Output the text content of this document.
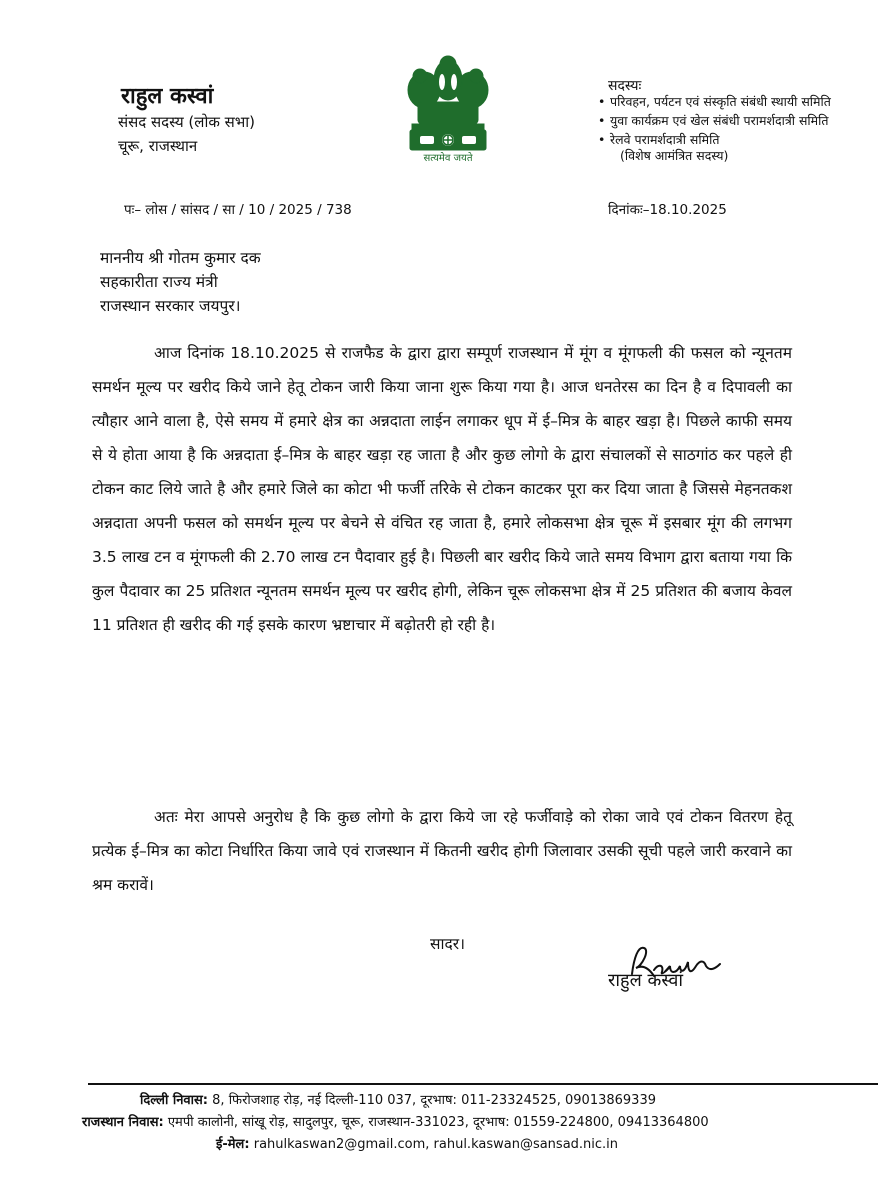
राहुल कस्वां
संसद सदस्य (लोक सभा)
चूरू, राजस्थान
सत्यमेव जयते
सदस्यः
• परिवहन, पर्यटन एवं संस्कृति संबंधी स्थायी समिति
• युवा कार्यक्रम एवं खेल संबंधी परामर्शदात्री समिति
• रेलवे परामर्शदात्री समिति
(विशेष आमंत्रित सदस्य)
पः– लोस / सांसद / सा / 10 / 2025 / 738	दिनांकः–18.10.2025
माननीय श्री गोतम कुमार दक
सहकारीता राज्य मंत्री
राजस्थान सरकार जयपुर।

आज दिनांक 18.10.2025 से राजफैड के द्वारा द्वारा सम्पूर्ण राजस्थान में मूंग व मूंगफली की फसल को न्यूनतम समर्थन मूल्य पर खरीद किये जाने हेतू टोकन जारी किया जाना शुरू किया गया है। आज धनतेरस का दिन है व दिपावली का त्यौहार आने वाला है, ऐसे समय में हमारे क्षेत्र का अन्नदाता लाईन लगाकर धूप में ई–मित्र के बाहर खड़ा है। पिछले काफी समय से ये होता आया है कि अन्नदाता ई–मित्र के बाहर खड़ा रह जाता है और कुछ लोगो के द्वारा संचालकों से साठगांठ कर पहले ही टोकन काट लिये जाते है और हमारे जिले का कोटा भी फर्जी तरिके से टोकन काटकर पूरा कर दिया जाता है जिससे मेहनतकश अन्नदाता अपनी फसल को समर्थन मूल्य पर बेचने से वंचित रह जाता है, हमारे लोकसभा क्षेत्र चूरू में इसबार मूंग की लगभग 3.5 लाख टन व मूंगफली की 2.70 लाख टन पैदावार हुई है। पिछली बार खरीद किये जाते समय विभाग द्वारा बताया गया कि कुल पैदावार का 25 प्रतिशत न्यूनतम समर्थन मूल्य पर खरीद होगी, लेकिन चूरू लोकसभा क्षेत्र में 25 प्रतिशत की बजाय केवल 11 प्रतिशत ही खरीद की गई इसके कारण भ्रष्टाचार में बढ़ोतरी हो रही है।

अतः मेरा आपसे अनुरोध है कि कुछ लोगो के द्वारा किये जा रहे फर्जीवाड़े को रोका जावे एवं टोकन वितरण हेतू प्रत्येक ई–मित्र का कोटा निर्धारित किया जावे एवं राजस्थान में कितनी खरीद होगी जिलावार उसकी सूची पहले जारी करवाने का श्रम करावें।

सादर।
राहुल कस्वां
दिल्ली निवास: 8, फिरोजशाह रोड़, नई दिल्ली-110 037, दूरभाष: 011-23324525, 09013869339
राजस्थान निवास: एमपी कालोनी, सांखू रोड़, सादुलपुर, चूरू, राजस्थान-331023, दूरभाष: 01559-224800, 09413364800
ई-मेल: rahulkaswan2@gmail.com, rahul.kaswan@sansad.nic.in
